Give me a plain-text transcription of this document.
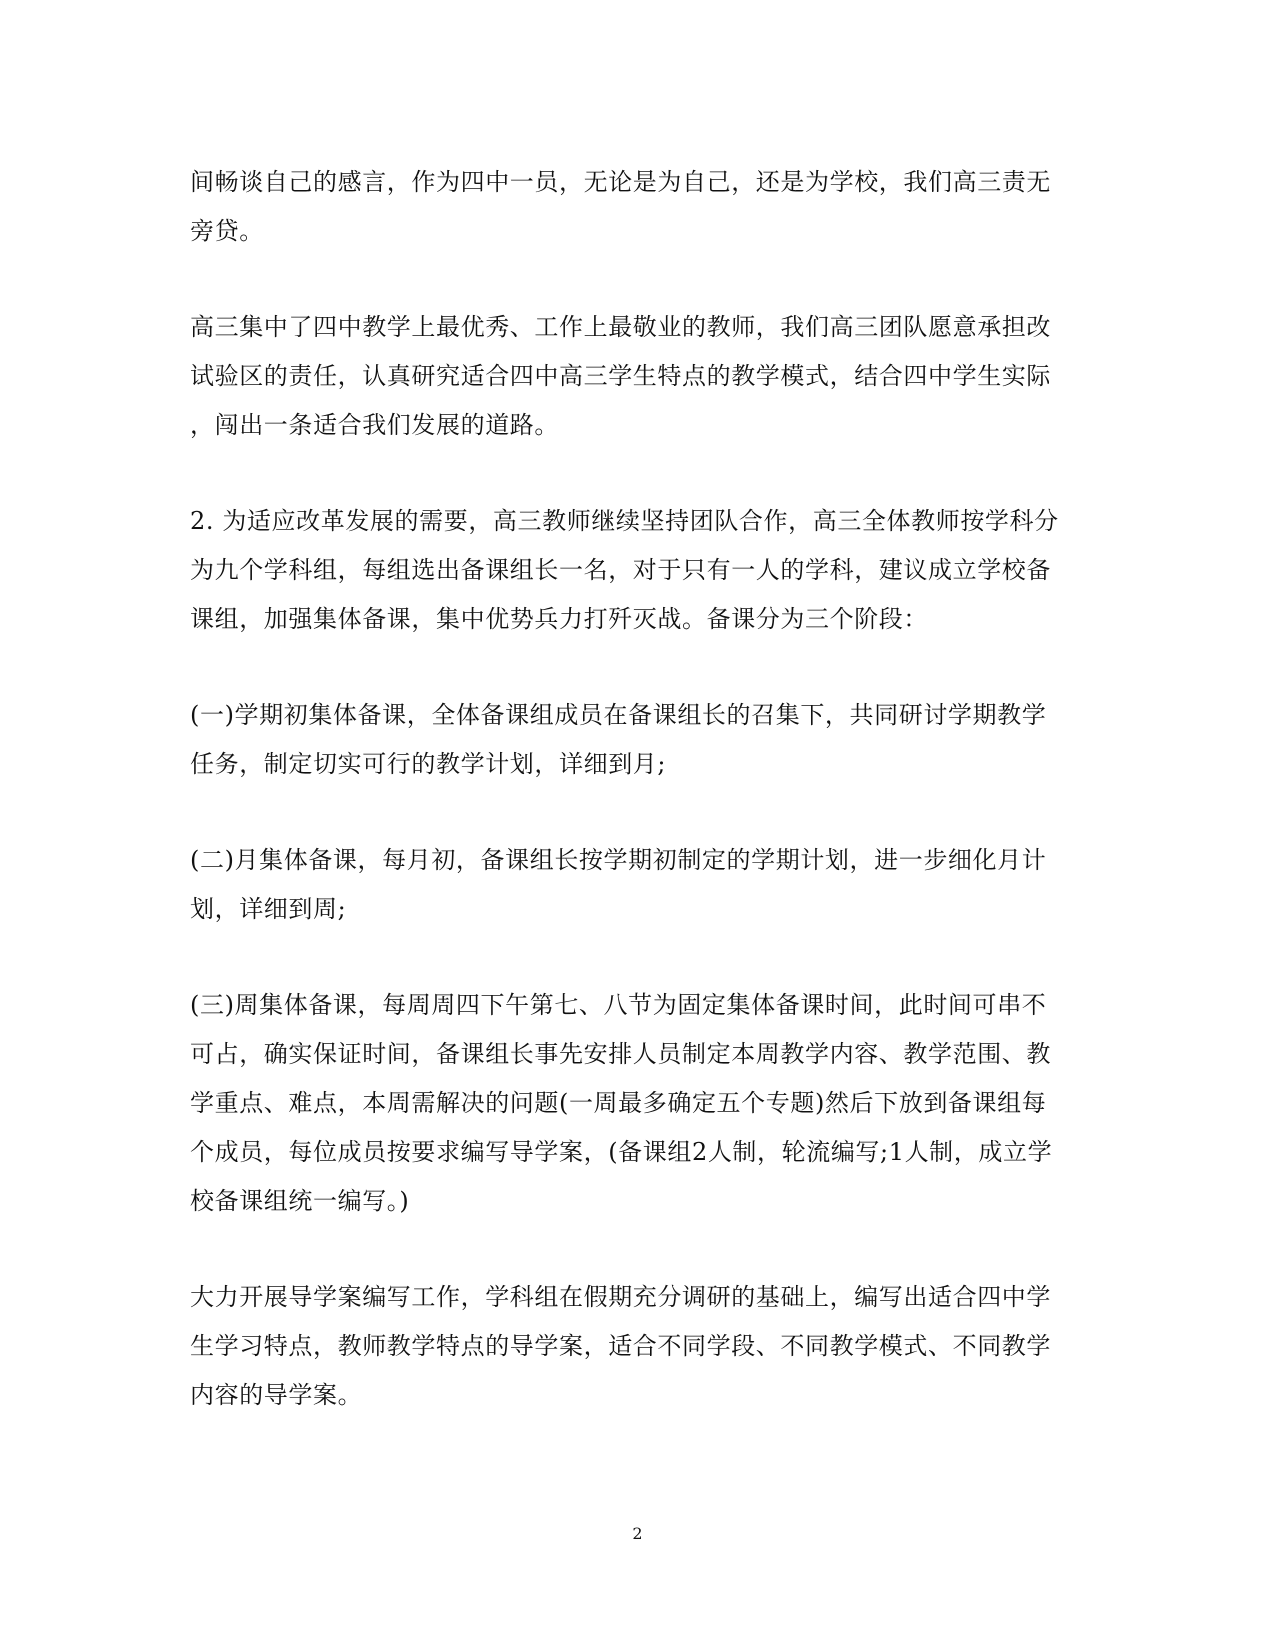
间畅谈自己的感言，作为四中一员，无论是为自己，还是为学校，我们高三责无
旁贷。

高三集中了四中教学上最优秀、工作上最敬业的教师，我们高三团队愿意承担改
试验区的责任，认真研究适合四中高三学生特点的教学模式，结合四中学生实际
，闯出一条适合我们发展的道路。

2. 为适应改革发展的需要，高三教师继续坚持团队合作，高三全体教师按学科分
为九个学科组，每组选出备课组长一名，对于只有一人的学科，建议成立学校备
课组，加强集体备课，集中优势兵力打歼灭战。备课分为三个阶段：

(一)学期初集体备课，全体备课组成员在备课组长的召集下，共同研讨学期教学
任务，制定切实可行的教学计划，详细到月;

(二)月集体备课，每月初，备课组长按学期初制定的学期计划，进一步细化月计
划，详细到周;

(三)周集体备课，每周周四下午第七、八节为固定集体备课时间，此时间可串不
可占，确实保证时间，备课组长事先安排人员制定本周教学内容、教学范围、教
学重点、难点，本周需解决的问题(一周最多确定五个专题)然后下放到备课组每
个成员，每位成员按要求编写导学案，(备课组2人制，轮流编写;1人制，成立学
校备课组统一编写。)

大力开展导学案编写工作，学科组在假期充分调研的基础上，编写出适合四中学
生学习特点，教师教学特点的导学案，适合不同学段、不同教学模式、不同教学
内容的导学案。

2
